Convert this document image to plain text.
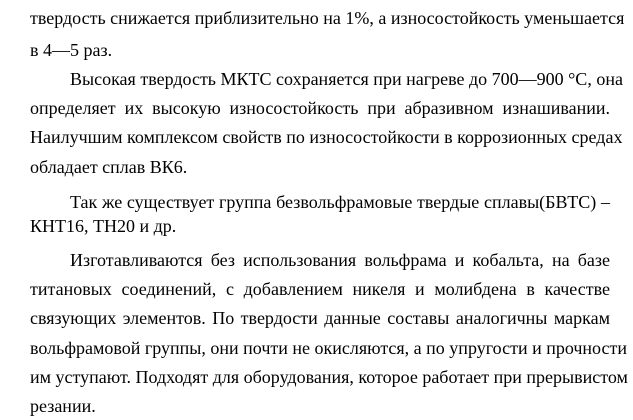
твердость снижается приблизительно на 1%, а износостойкость уменьшается
в 4—5 раз.
Высокая твердость МКТС сохраняется при нагреве до 700—900 °С, она
определяет их высокую износостойкость при абразивном изнашивании.
Наилучшим комплексом свойств по износостойкости в коррозионных средах
обладает сплав ВК6.
Так же существует группа безвольфрамовые твердые сплавы(БВТС) –
КНТ16, ТН20 и др.
Изготавливаются без использования вольфрама и кобальта, на базе
титановых соединений, с добавлением никеля и молибдена в качестве
связующих элементов. По твердости данные составы аналогичны маркам
вольфрамовой группы, они почти не окисляются, а по упругости и прочности
им уступают. Подходят для оборудования, которое работает при прерывистом
резании.
